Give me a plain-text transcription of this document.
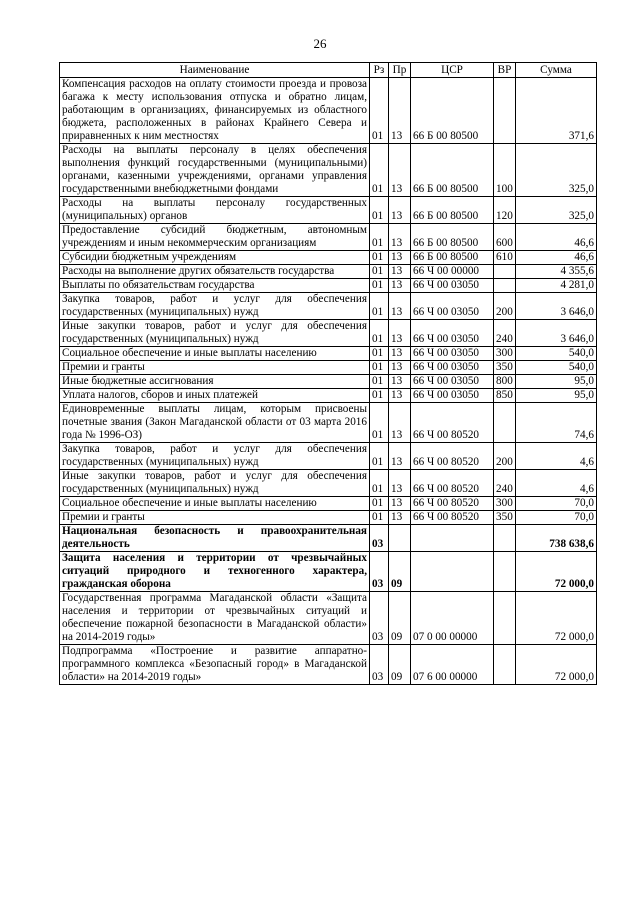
26
Наименование	Рз	Пр	ЦСР	ВР	Сумма
Компенсация расходов на оплату стоимости проезда и провоза багажа к месту использования отпуска и обратно лицам, работающим в организациях, финансируемых из областного бюджета, расположенных в районах Крайнего Севера и приравненных к ним местностях	01	13	66 Б 00 80500		371,6
Расходы на выплаты персоналу в целях обеспечения выполнения функций государственными (муниципальными) органами, казенными учреждениями, органами управления государственными внебюджетными фондами	01	13	66 Б 00 80500	100	325,0
Расходы на выплаты персоналу государственных (муниципальных) органов	01	13	66 Б 00 80500	120	325,0
Предоставление субсидий бюджетным, автономным учреждениям и иным некоммерческим организациям	01	13	66 Б 00 80500	600	46,6
Субсидии бюджетным учреждениям	01	13	66 Б 00 80500	610	46,6
Расходы на выполнение других обязательств государства	01	13	66 Ч 00 00000		4 355,6
Выплаты по обязательствам государства	01	13	66 Ч 00 03050		4 281,0
Закупка товаров, работ и услуг для обеспечения государственных (муниципальных) нужд	01	13	66 Ч 00 03050	200	3 646,0
Иные закупки товаров, работ и услуг для обеспечения государственных (муниципальных) нужд	01	13	66 Ч 00 03050	240	3 646,0
Социальное обеспечение и иные выплаты населению	01	13	66 Ч 00 03050	300	540,0
Премии и гранты	01	13	66 Ч 00 03050	350	540,0
Иные бюджетные ассигнования	01	13	66 Ч 00 03050	800	95,0
Уплата налогов, сборов и иных платежей	01	13	66 Ч 00 03050	850	95,0
Единовременные выплаты лицам, которым присвоены почетные звания (Закон Магаданской области от 03 марта 2016 года № 1996-ОЗ)	01	13	66 Ч 00 80520		74,6
Закупка товаров, работ и услуг для обеспечения государственных (муниципальных) нужд	01	13	66 Ч 00 80520	200	4,6
Иные закупки товаров, работ и услуг для обеспечения государственных (муниципальных) нужд	01	13	66 Ч 00 80520	240	4,6
Социальное обеспечение и иные выплаты населению	01	13	66 Ч 00 80520	300	70,0
Премии и гранты	01	13	66 Ч 00 80520	350	70,0
Национальная безопасность и правоохранительная деятельность	03				738 638,6
Защита населения и территории от чрезвычайных ситуаций природного и техногенного характера, гражданская оборона	03	09			72 000,0
Государственная программа Магаданской области «Защита населения и территории от чрезвычайных ситуаций и обеспечение пожарной безопасности в Магаданской области» на 2014-2019 годы»	03	09	07 0 00 00000		72 000,0
Подпрограмма «Построение и развитие аппаратно-программного комплекса «Безопасный город» в Магаданской области» на 2014-2019 годы»	03	09	07 6 00 00000		72 000,0
